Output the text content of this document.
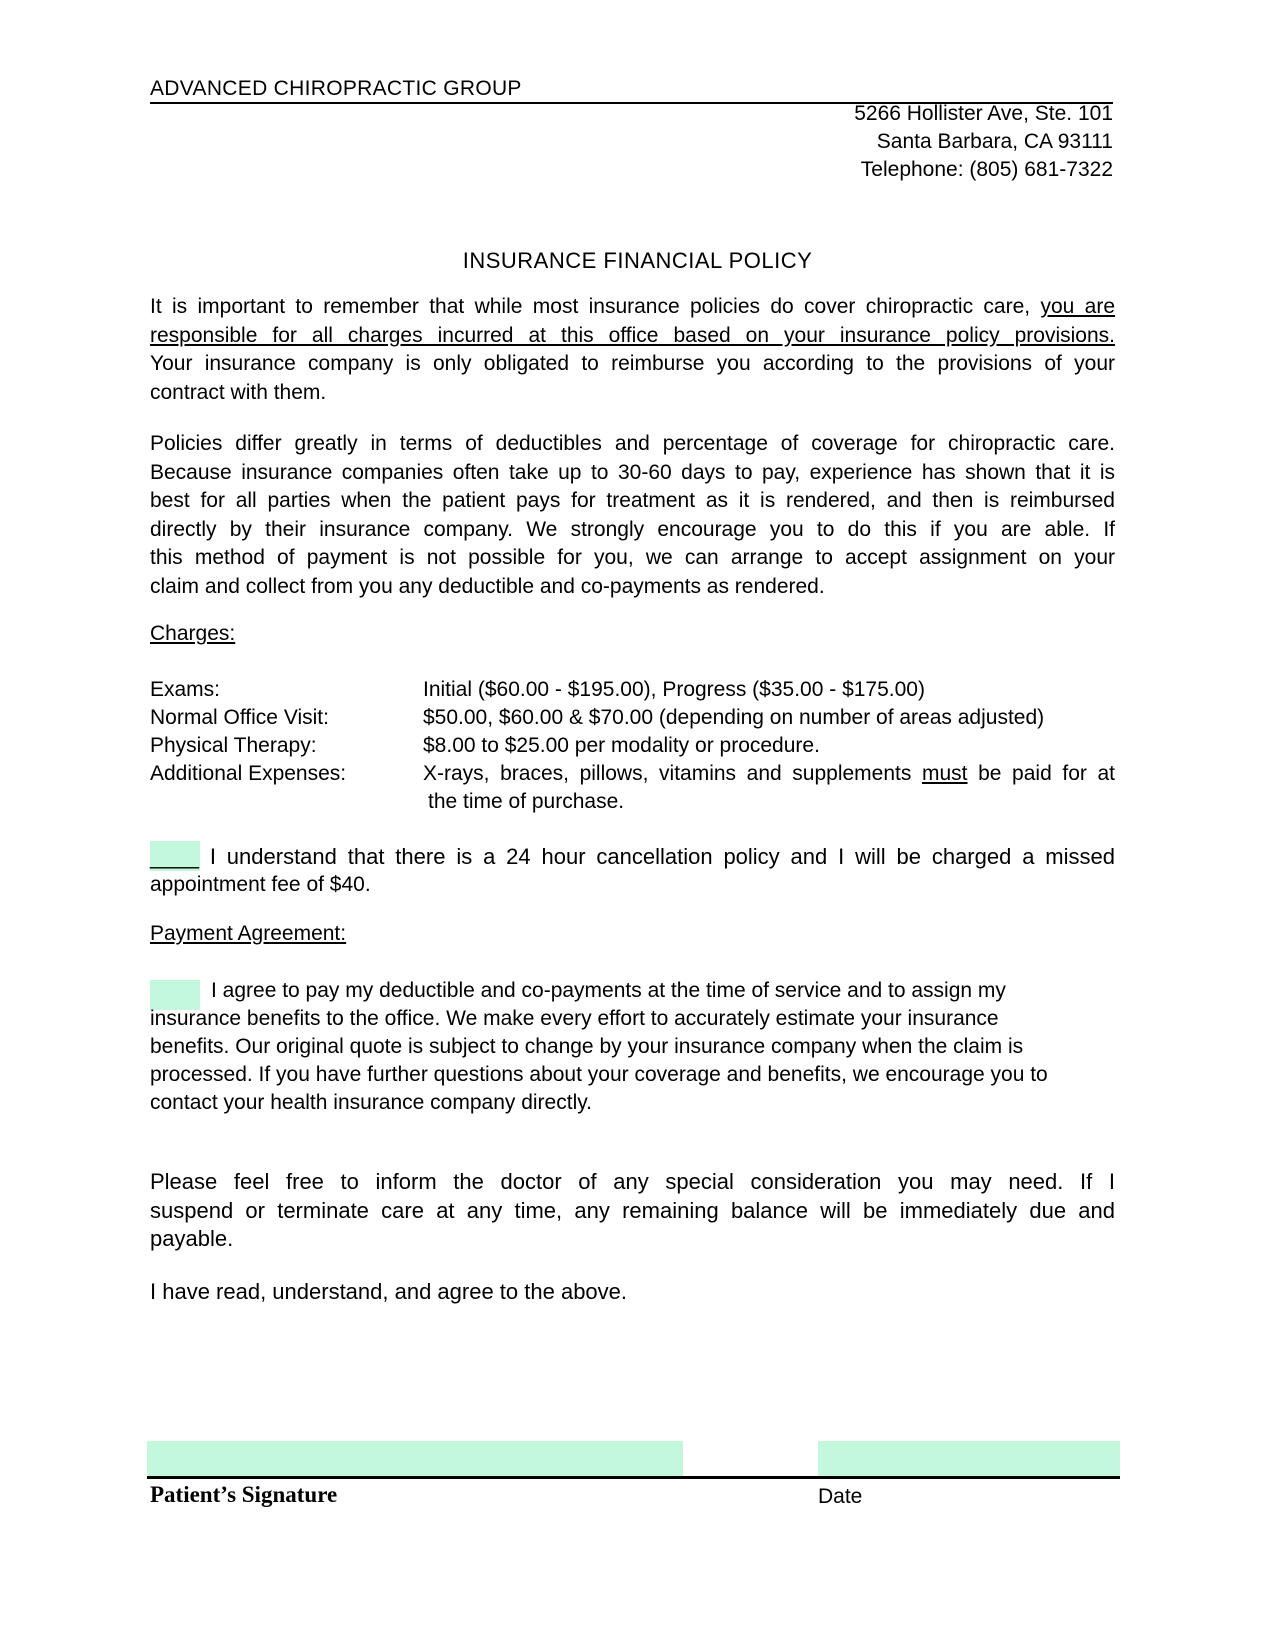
ADVANCED CHIROPRACTIC GROUP
5266 Hollister Ave, Ste. 101
Santa Barbara, CA 93111
Telephone: (805) 681-7322
INSURANCE FINANCIAL POLICY
It is important to remember that while most insurance policies do cover chiropractic care, you are
responsible for all charges incurred at this office based on your insurance policy provisions.
Your insurance company is only obligated to reimburse you according to the provisions of your
contract with them.
Policies differ greatly in terms of deductibles and percentage of coverage for chiropractic care.
Because insurance companies often take up to 30-60 days to pay, experience has shown that it is
best for all parties when the patient pays for treatment as it is rendered, and then is reimbursed
directly by their insurance company. We strongly encourage you to do this if you are able. If
this method of payment is not possible for you, we can arrange to accept assignment on your
claim and collect from you any deductible and co-payments as rendered.
Charges:
Exams:	Initial ($60.00 - $195.00), Progress ($35.00 - $175.00)
Normal Office Visit:	$50.00, $60.00 & $70.00 (depending on number of areas adjusted)
Physical Therapy:	$8.00 to $25.00 per modality or procedure.
Additional Expenses:	X-rays, braces, pillows, vitamins and supplements must be paid for at
the time of purchase.
____ I understand that there is a 24 hour cancellation policy and I will be charged a missed
appointment fee of $40.
Payment Agreement:
____ I agree to pay my deductible and co-payments at the time of service and to assign my
insurance benefits to the office. We make every effort to accurately estimate your insurance
benefits. Our original quote is subject to change by your insurance company when the claim is
processed. If you have further questions about your coverage and benefits, we encourage you to
contact your health insurance company directly.
Please feel free to inform the doctor of any special consideration you may need. If I
suspend or terminate care at any time, any remaining balance will be immediately due and
payable.
I have read, understand, and agree to the above.
Patient’s Signature	Date
